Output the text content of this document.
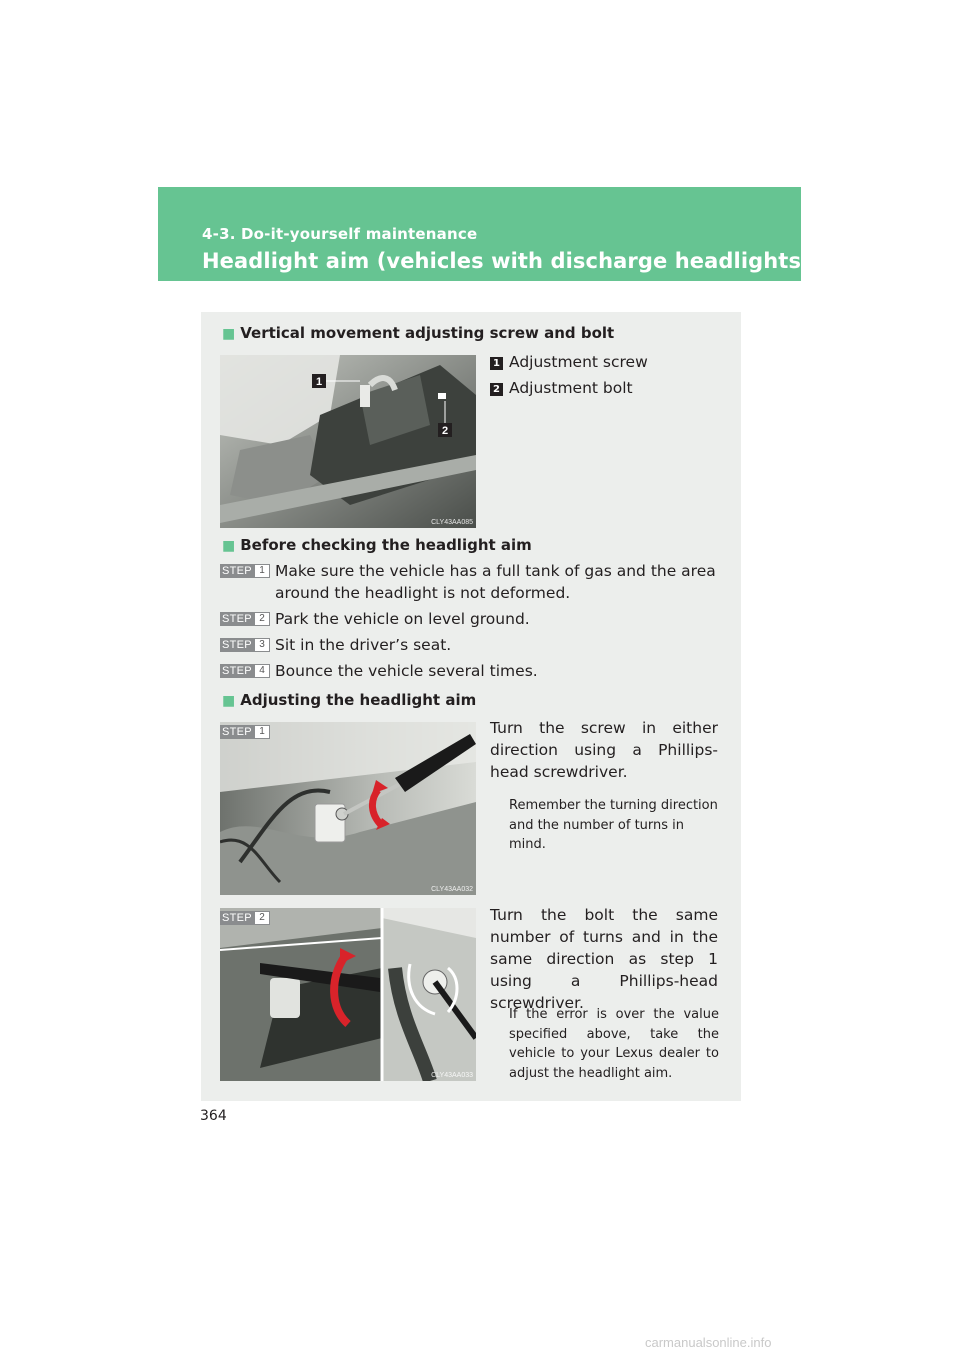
4-3. Do-it-yourself maintenance
Headlight aim (vehicles with discharge headlights)
■ Vertical movement adjusting screw and bolt
1
2
CLY43AA085
1 Adjustment screw
2 Adjustment bolt
■ Before checking the headlight aim
STEP 1 Make sure the vehicle has a full tank of gas and the area around the headlight is not deformed.
STEP 2 Park the vehicle on level ground.
STEP 3 Sit in the driver’s seat.
STEP 4 Bounce the vehicle several times.
■ Adjusting the headlight aim
CLY43AA032
STEP 1	Turn the screw in either direction using a Phillips-head screwdriver.
Remember the turning direction and the number of turns in mind.
CLY43AA033
STEP 2	Turn the bolt the same number of turns and in the same direction as step 1 using a Phillips-head screwdriver.
If the error is over the value specified above, take the vehicle to your Lexus dealer to adjust the headlight aim.
364
carmanualsonline.info
